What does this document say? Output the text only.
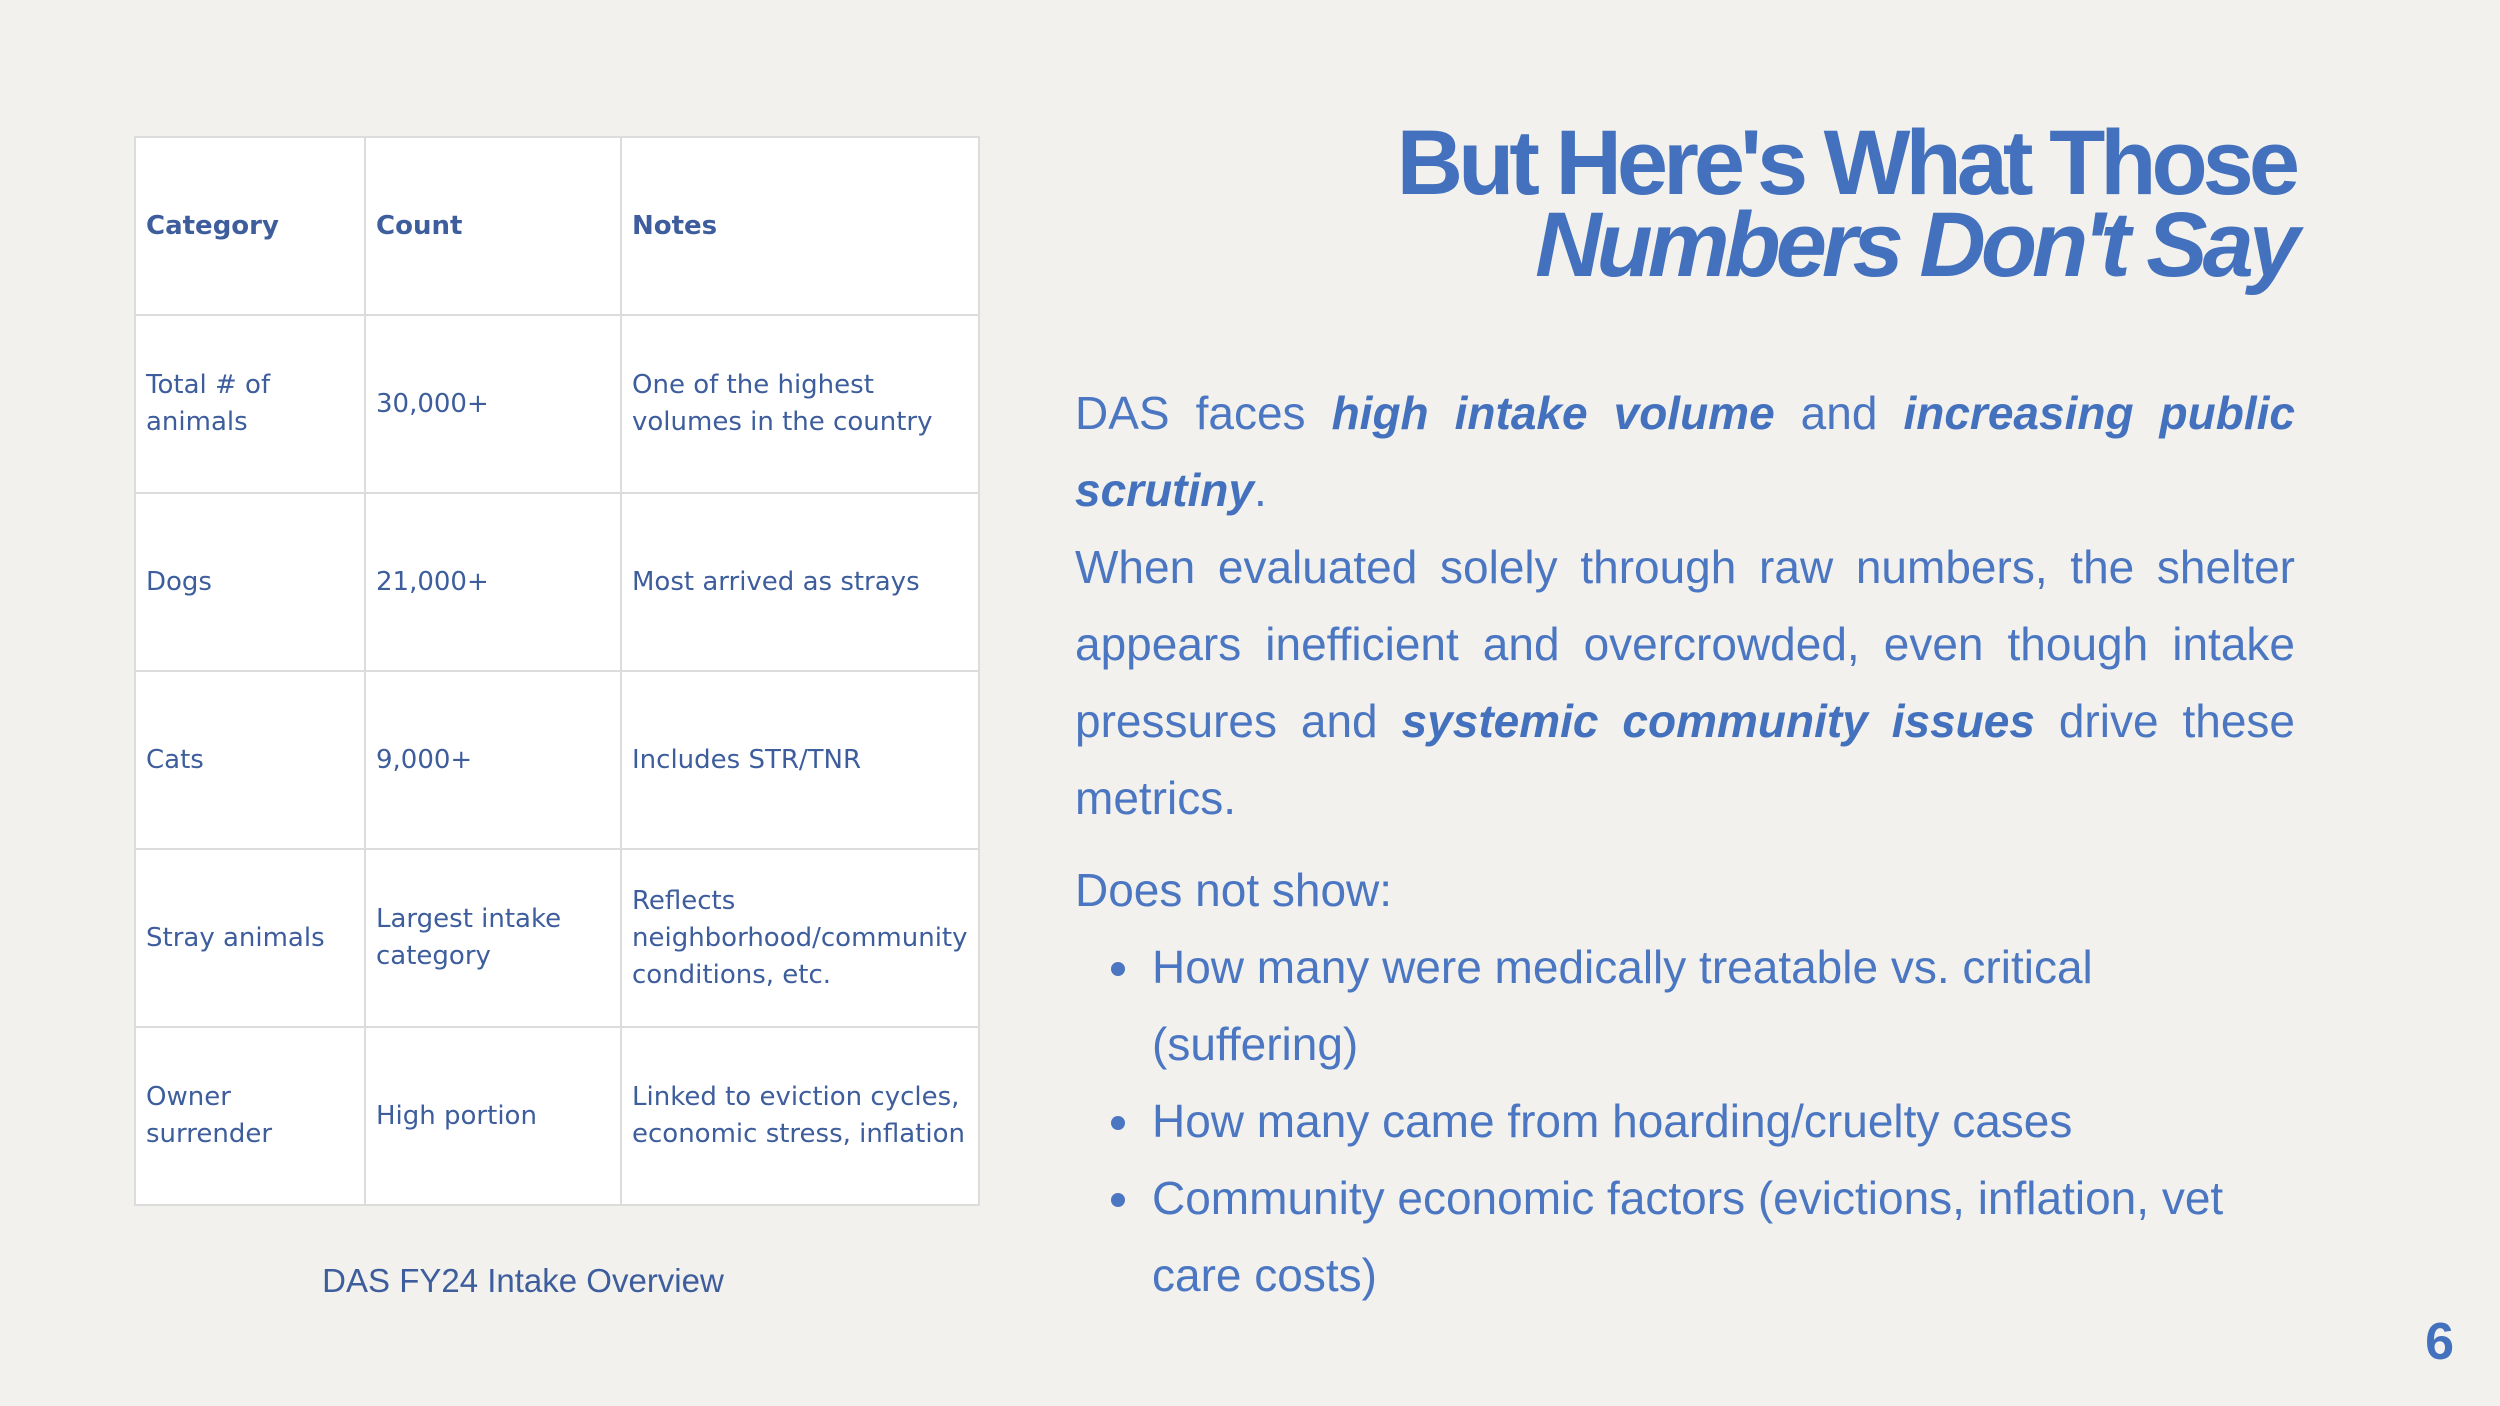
Category	Count	Notes
Total # of animals	30,000+	One of the highest volumes in the country
Dogs	21,000+	Most arrived as strays
Cats	9,000+	Includes STR/TNR
Stray animals	Largest intake category	Reflects neighborhood/community conditions, etc.
Owner surrender	High portion	Linked to eviction cycles, economic stress, inflation
DAS FY24 Intake Overview
But Here's What Those
Numbers Don't Say

DAS faces high intake volume and increasing public scrutiny.

When evaluated solely through raw numbers, the shelter appears inefficient and overcrowded, even though intake pressures and systemic community issues drive these metrics.

Does not show:

How many were medically treatable vs. critical (suffering)
How many came from hoarding/cruelty cases
Community economic factors (evictions, inflation, vet care costs)
6
